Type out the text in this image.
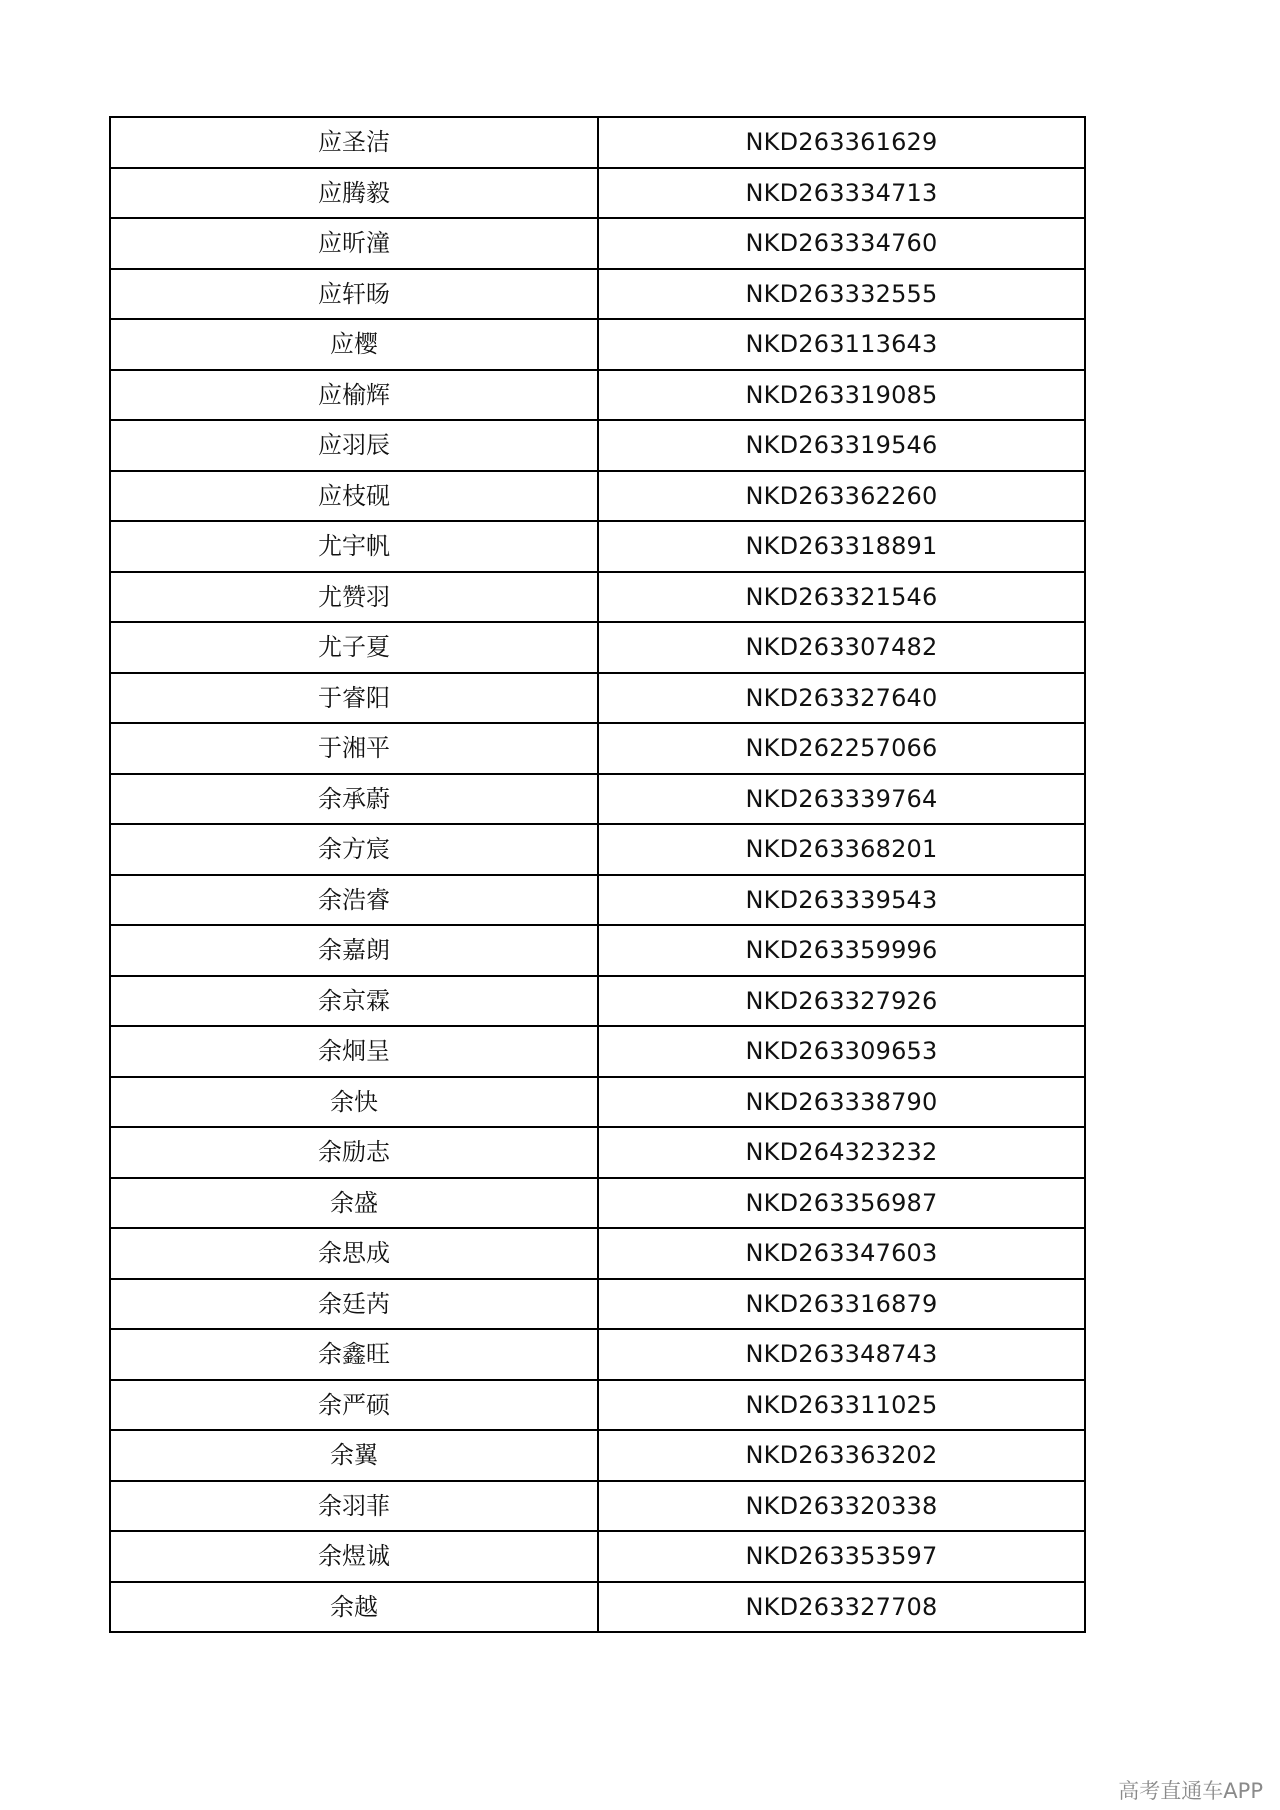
应圣洁	NKD263361629
应腾毅	NKD263334713
应昕潼	NKD263334760
应轩旸	NKD263332555
应樱	NKD263113643
应榆辉	NKD263319085
应羽辰	NKD263319546
应枝砚	NKD263362260
尤宇帆	NKD263318891
尤赞羽	NKD263321546
尤子夏	NKD263307482
于睿阳	NKD263327640
于湘平	NKD262257066
余承蔚	NKD263339764
余方宸	NKD263368201
余浩睿	NKD263339543
余嘉朗	NKD263359996
余京霖	NKD263327926
余炯呈	NKD263309653
余快	NKD263338790
余励志	NKD264323232
余盛	NKD263356987
余思成	NKD263347603
余廷芮	NKD263316879
余鑫旺	NKD263348743
余严硕	NKD263311025
余翼	NKD263363202
余羽菲	NKD263320338
余煜诚	NKD263353597
余越	NKD263327708
高考直通车APP
